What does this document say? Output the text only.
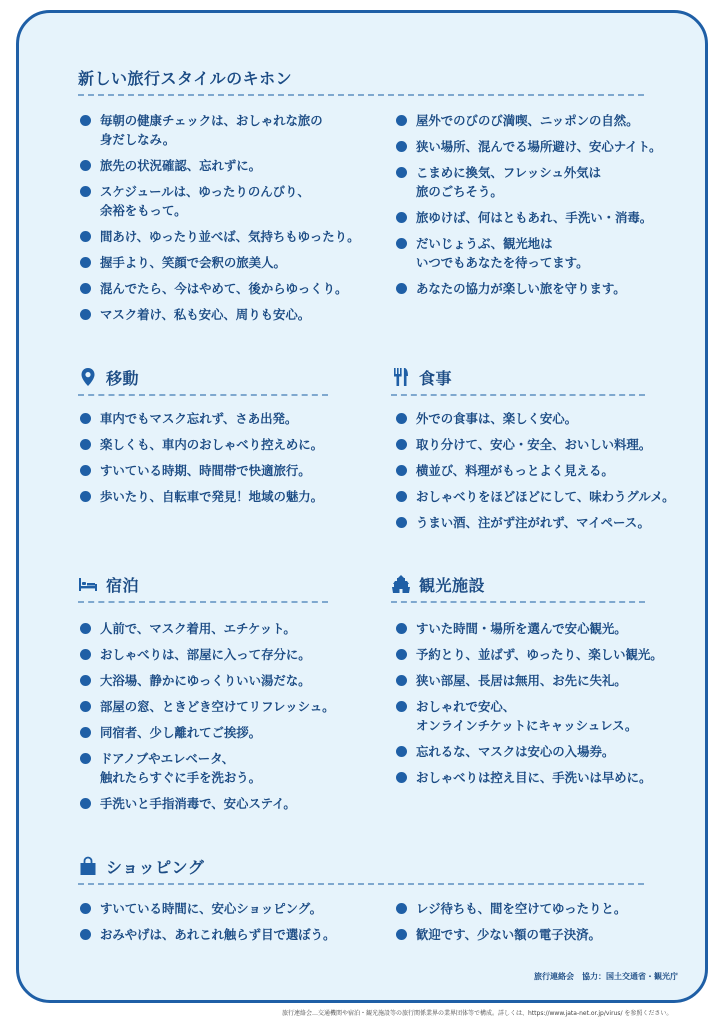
新しい旅行スタイルのキホン
毎朝の健康チェックは、おしゃれな旅の
身だしなみ。
旅先の状況確認、忘れずに。
スケジュールは、ゆったりのんびり、
余裕をもって。
間あけ、ゆったり並べば、気持ちもゆったり。
握手より、笑顔で会釈の旅美人。
混んでたら、今はやめて、後からゆっくり。
マスク着け、私も安心、周りも安心。
屋外でのびのび満喫、ニッポンの自然。
狭い場所、混んでる場所避け、安心ナイト。
こまめに換気、フレッシュ外気は
旅のごちそう。
旅ゆけば、何はともあれ、手洗い・消毒。
だいじょうぶ、観光地は
いつでもあなたを待ってます。
あなたの協力が楽しい旅を守ります。
移動
車内でもマスク忘れず、さあ出発。
楽しくも、車内のおしゃべり控えめに。
すいている時期、時間帯で快適旅行。
歩いたり、自転車で発見！地域の魅力。
食事
外での食事は、楽しく安心。
取り分けて、安心・安全、おいしい料理。
横並び、料理がもっとよく見える。
おしゃべりをほどほどにして、味わうグルメ。
うまい酒、注がず注がれず、マイペース。
宿泊
人前で、マスク着用、エチケット。
おしゃべりは、部屋に入って存分に。
大浴場、静かにゆっくりいい湯だな。
部屋の窓、ときどき空けてリフレッシュ。
同宿者、少し離れてご挨拶。
ドアノブやエレベータ、
触れたらすぐに手を洗おう。
手洗いと手指消毒で、安心ステイ。
観光施設
すいた時間・場所を選んで安心観光。
予約とり、並ばず、ゆったり、楽しい観光。
狭い部屋、長居は無用、お先に失礼。
おしゃれで安心、
オンラインチケットにキャッシュレス。
忘れるな、マスクは安心の入場券。
おしゃべりは控え目に、手洗いは早めに。
ショッピング
すいている時間に、安心ショッピング。
おみやげは、あれこれ触らず目で選ぼう。
レジ待ちも、間を空けてゆったりと。
歓迎です、少ない額の電子決済。
旅行連絡会　協力：国土交通省・観光庁
旅行連絡会…交通機関や宿泊・観光施設等の旅行関係業界の業界団体等で構成。詳しくは、https://www.jata-net.or.jp/virus/ を参照ください。
